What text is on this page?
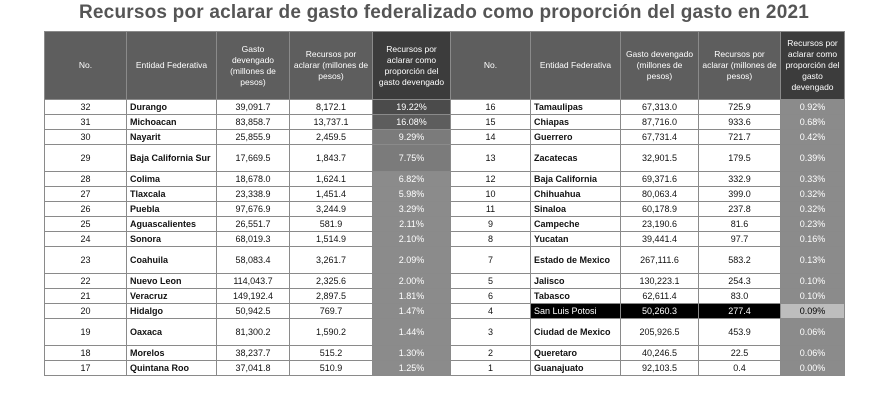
Recursos por aclarar de gasto federalizado como proporción del gasto en 2021
No.	Entidad Federativa	Gasto devengado (millones de pesos)	Recursos por aclarar (millones de pesos)	Recursos por aclarar como proporción del gasto devengado	No.	Entidad Federativa	Gasto devengado (millones de pesos)	Recursos por aclarar (millones de pesos)	Recursos por aclarar como proporción del gasto devengado
32	Durango	39,091.7	8,172.1	19.22%	16	Tamaulipas	67,313.0	725.9	0.92%
31	Michoacan	83,858.7	13,737.1	16.08%	15	Chiapas	87,716.0	933.6	0.68%
30	Nayarit	25,855.9	2,459.5	9.29%	14	Guerrero	67,731.4	721.7	0.42%
29	Baja California Sur	17,669.5	1,843.7	7.75%	13	Zacatecas	32,901.5	179.5	0.39%
28	Colima	18,678.0	1,624.1	6.82%	12	Baja California	69,371.6	332.9	0.33%
27	Tlaxcala	23,338.9	1,451.4	5.98%	10	Chihuahua	80,063.4	399.0	0.32%
26	Puebla	97,676.9	3,244.9	3.29%	11	Sinaloa	60,178.9	237.8	0.32%
25	Aguascalientes	26,551.7	581.9	2.11%	9	Campeche	23,190.6	81.6	0.23%
24	Sonora	68,019.3	1,514.9	2.10%	8	Yucatan	39,441.4	97.7	0.16%
23	Coahuila	58,083.4	3,261.7	2.09%	7	Estado de Mexico	267,111.6	583.2	0.13%
22	Nuevo Leon	114,043.7	2,325.6	2.00%	5	Jalisco	130,223.1	254.3	0.10%
21	Veracruz	149,192.4	2,897.5	1.81%	6	Tabasco	62,611.4	83.0	0.10%
20	Hidalgo	50,942.5	769.7	1.47%	4	San Luis Potosi	50,260.3	277.4	0.09%
19	Oaxaca	81,300.2	1,590.2	1.44%	3	Ciudad de Mexico	205,926.5	453.9	0.06%
18	Morelos	38,237.7	515.2	1.30%	2	Queretaro	40,246.5	22.5	0.06%
17	Quintana Roo	37,041.8	510.9	1.25%	1	Guanajuato	92,103.5	0.4	0.00%
